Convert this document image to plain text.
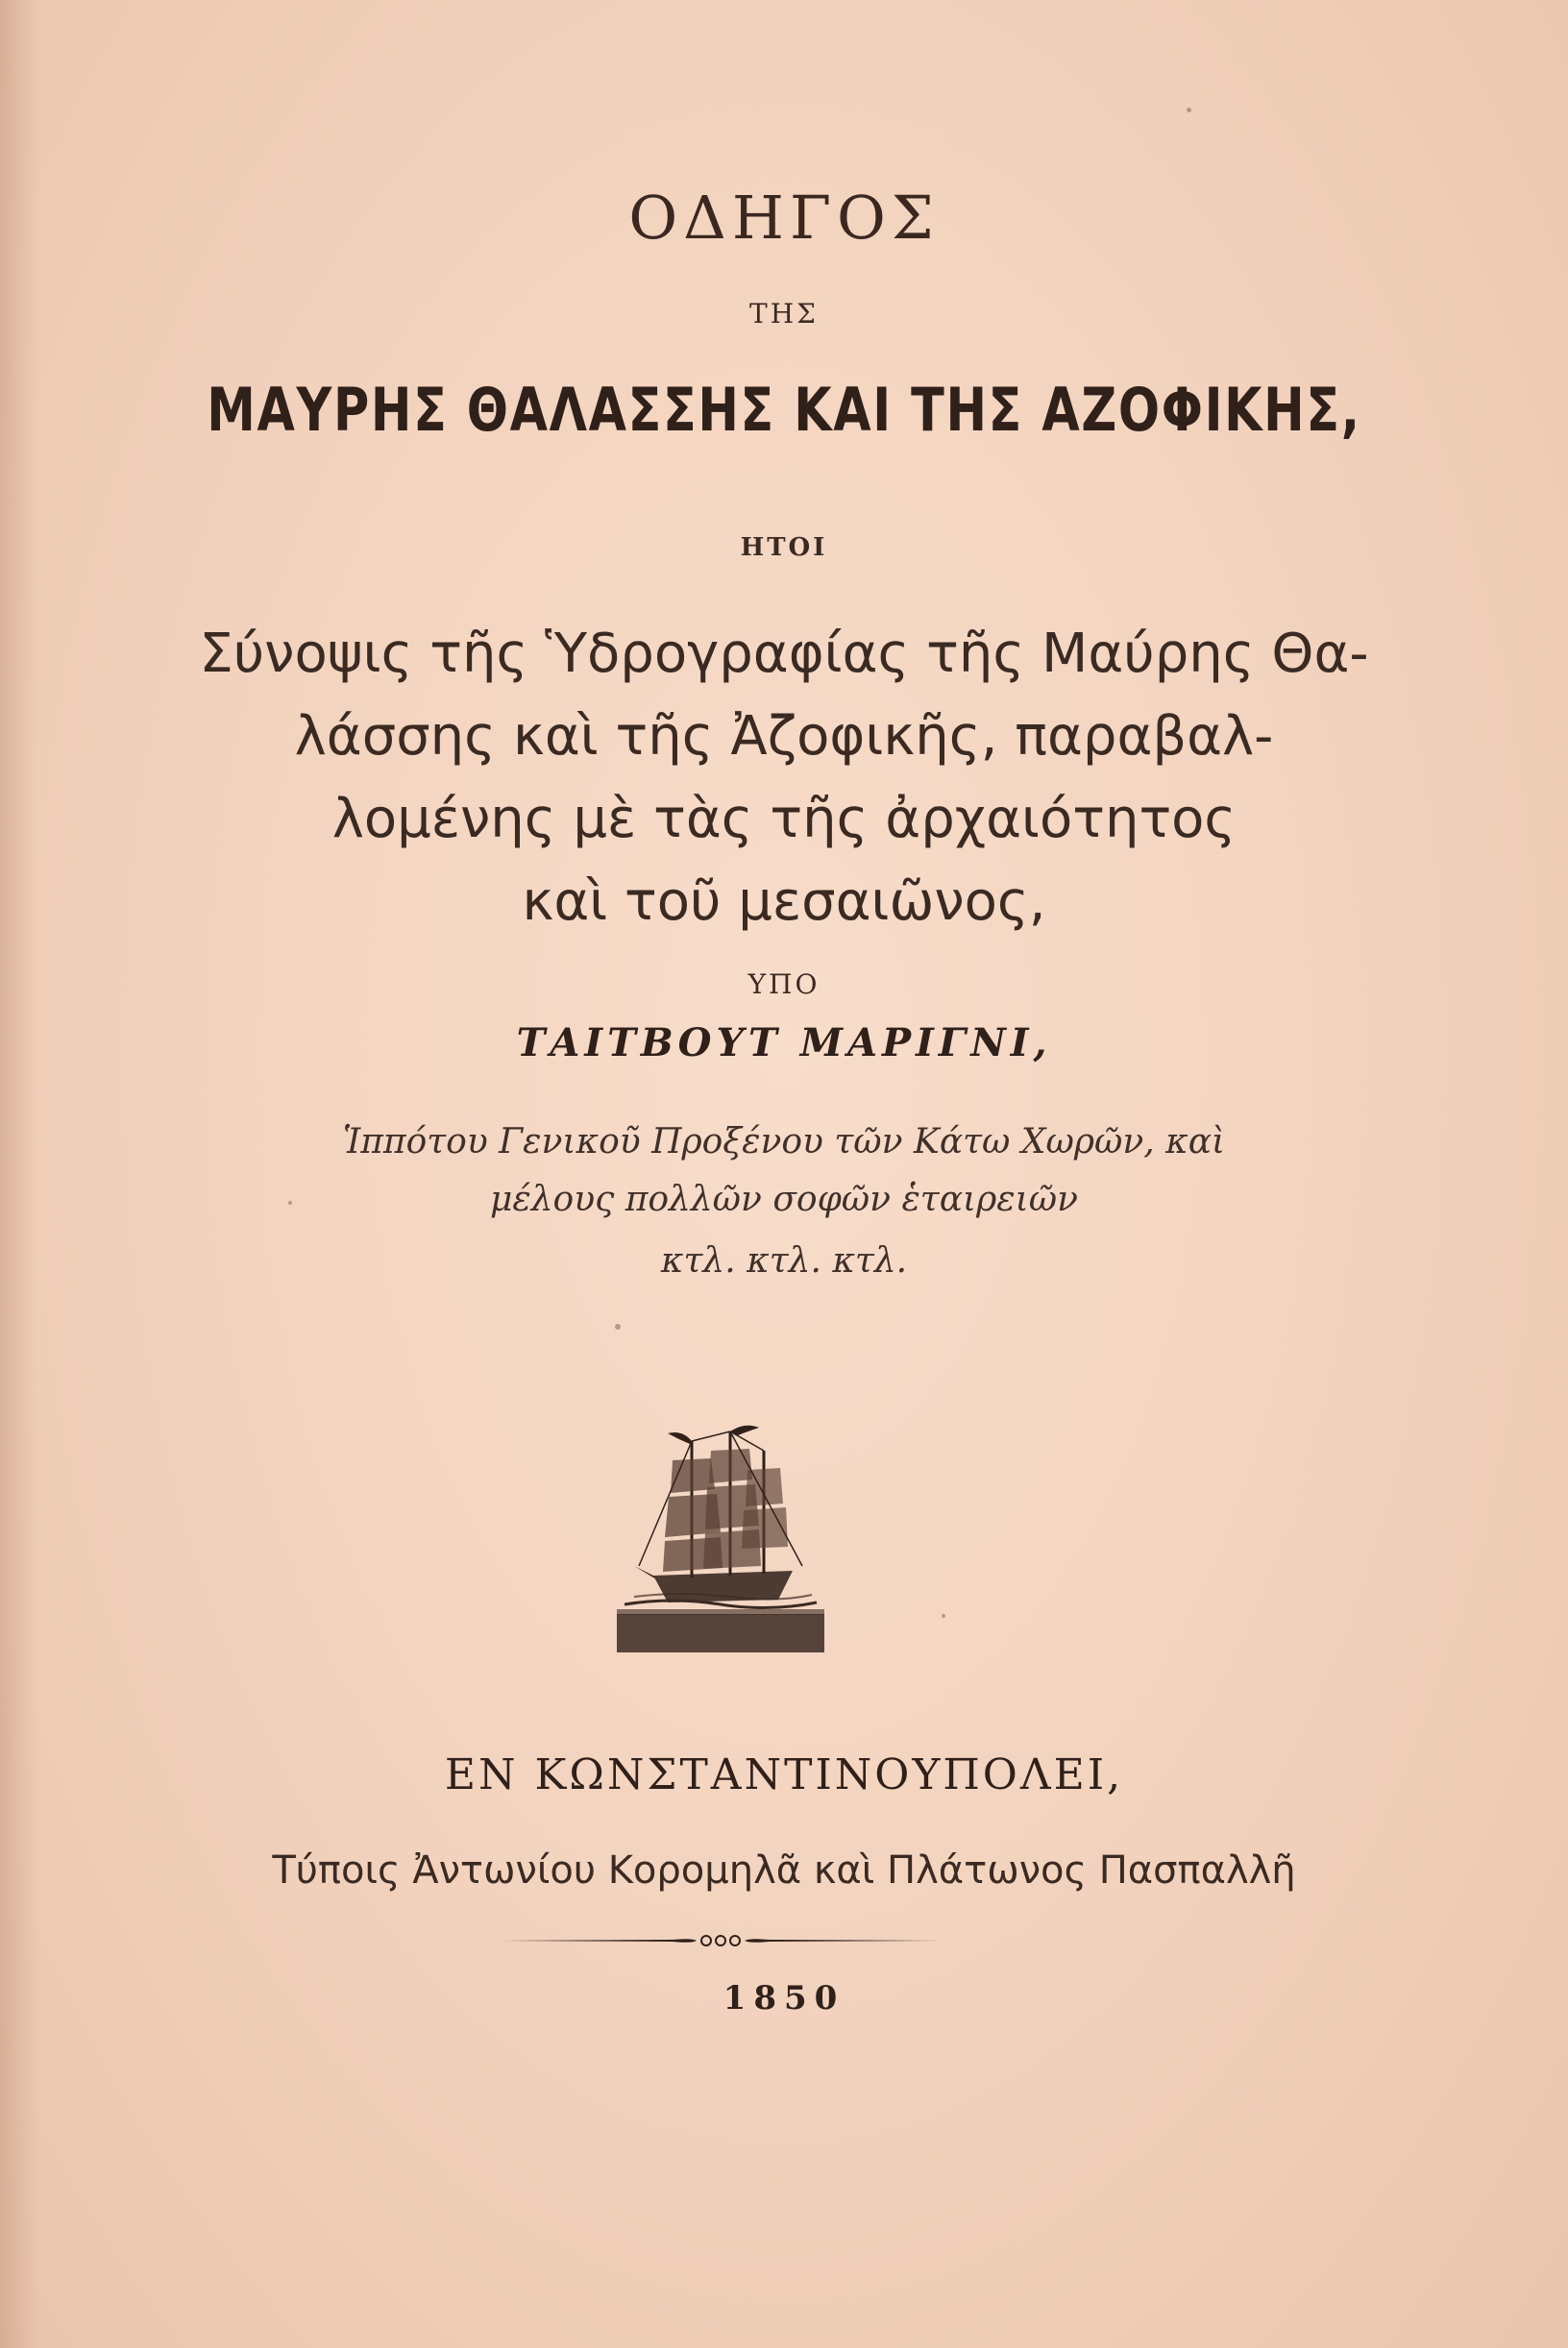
ΟΔΗΓΟΣ
ΤΗΣ
ΜΑΥΡΗΣ ΘΑΛΑΣΣΗΣ ΚΑΙ ΤΗΣ ΑΖΟΦΙΚΗΣ,
ΗΤΟΙ
Σύνοψις τῆς Ὑδρογραφίας τῆς Μαύρης Θα-
λάσσης καὶ τῆς Ἀζοφικῆς, παραβαλ-
λομένης μὲ τὰς τῆς ἀρχαιότητος
καὶ τοῦ μεσαιῶνος,
ΥΠΟ
ΤΑΙΤΒΟΥΤ ΜΑΡΙΓΝΙ,
Ἱππότου Γενικοῦ Προξένου τῶν Κάτω Χωρῶν, καὶ
μέλους πολλῶν σοφῶν ἑταιρειῶν
κτλ. κτλ. κτλ.
ΕΝ ΚΩΝΣΤΑΝΤΙΝΟΥΠΟΛΕΙ,
Τύποις Ἀντωνίου Κορομηλᾶ καὶ Πλάτωνος Πασπαλλῆ
1850
